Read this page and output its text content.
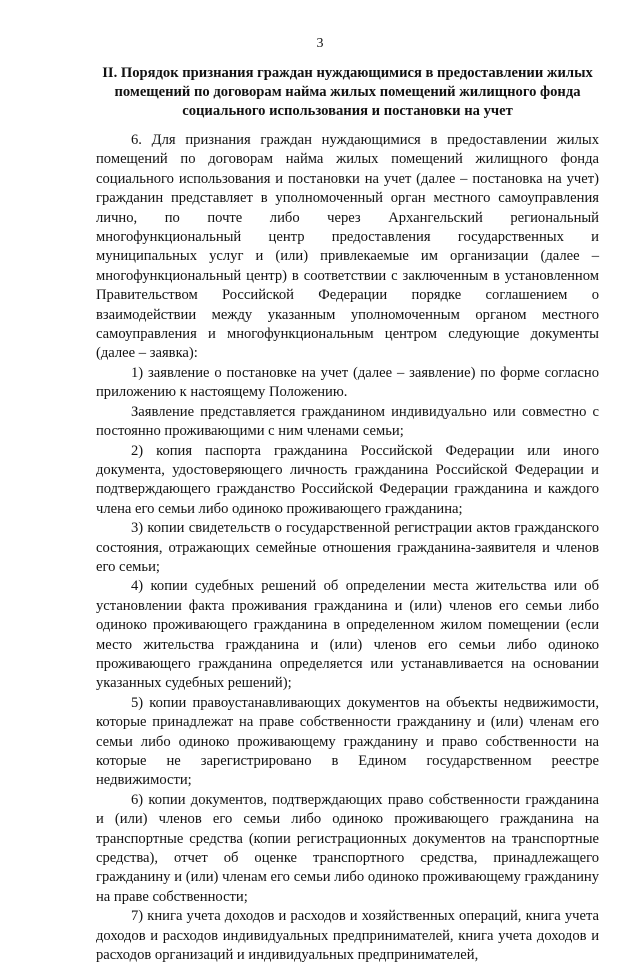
3
II. Порядок признания граждан нуждающимися в предоставлении жилых помещений по договорам найма жилых помещений жилищного фонда социального использования и постановки на учет

6. Для признания граждан нуждающимися в предоставлении жилых помещений по договорам найма жилых помещений жилищного фонда социального использования и постановки на учет (далее – постановка на учет) гражданин представляет в уполномоченный орган местного самоуправления лично, по почте либо через Архангельский региональный многофункциональный центр предоставления государственных и муниципальных услуг и (или) привлекаемые им организации (далее – многофункциональный центр) в соответствии с заключенным в установленном Правительством Российской Федерации порядке соглашением о взаимодействии между указанным уполномоченным органом местного самоуправления и многофункциональным центром следующие документы (далее – заявка):

1) заявление о постановке на учет (далее – заявление) по форме согласно приложению к настоящему Положению.

Заявление представляется гражданином индивидуально или совместно с постоянно проживающими с ним членами семьи;

2) копия паспорта гражданина Российской Федерации или иного документа, удостоверяющего личность гражданина Российской Федерации и подтверждающего гражданство Российской Федерации гражданина и каждого члена его семьи либо одиноко проживающего гражданина;

3) копии свидетельств о государственной регистрации актов гражданского состояния, отражающих семейные отношения гражданина-заявителя и членов его семьи;

4) копии судебных решений об определении места жительства или об установлении факта проживания гражданина и (или) членов его семьи либо одиноко проживающего гражданина в определенном жилом помещении (если место жительства гражданина и (или) членов его семьи либо одиноко проживающего гражданина определяется или устанавливается на основании указанных судебных решений);

5) копии правоустанавливающих документов на объекты недвижимости, которые принадлежат на праве собственности гражданину и (или) членам его семьи либо одиноко проживающему гражданину и право собственности на которые не зарегистрировано в Едином государственном реестре недвижимости;

6) копии документов, подтверждающих право собственности гражданина и (или) членов его семьи либо одиноко проживающего гражданина на транспортные средства (копии регистрационных документов на транспортные средства), отчет об оценке транспортного средства, принадлежащего гражданину и (или) членам его семьи либо одиноко проживающему гражданину на праве собственности;

7) книга учета доходов и расходов и хозяйственных операций, книга учета доходов и расходов индивидуальных предпринимателей, книга учета доходов и расходов организаций и индивидуальных предпринимателей,
